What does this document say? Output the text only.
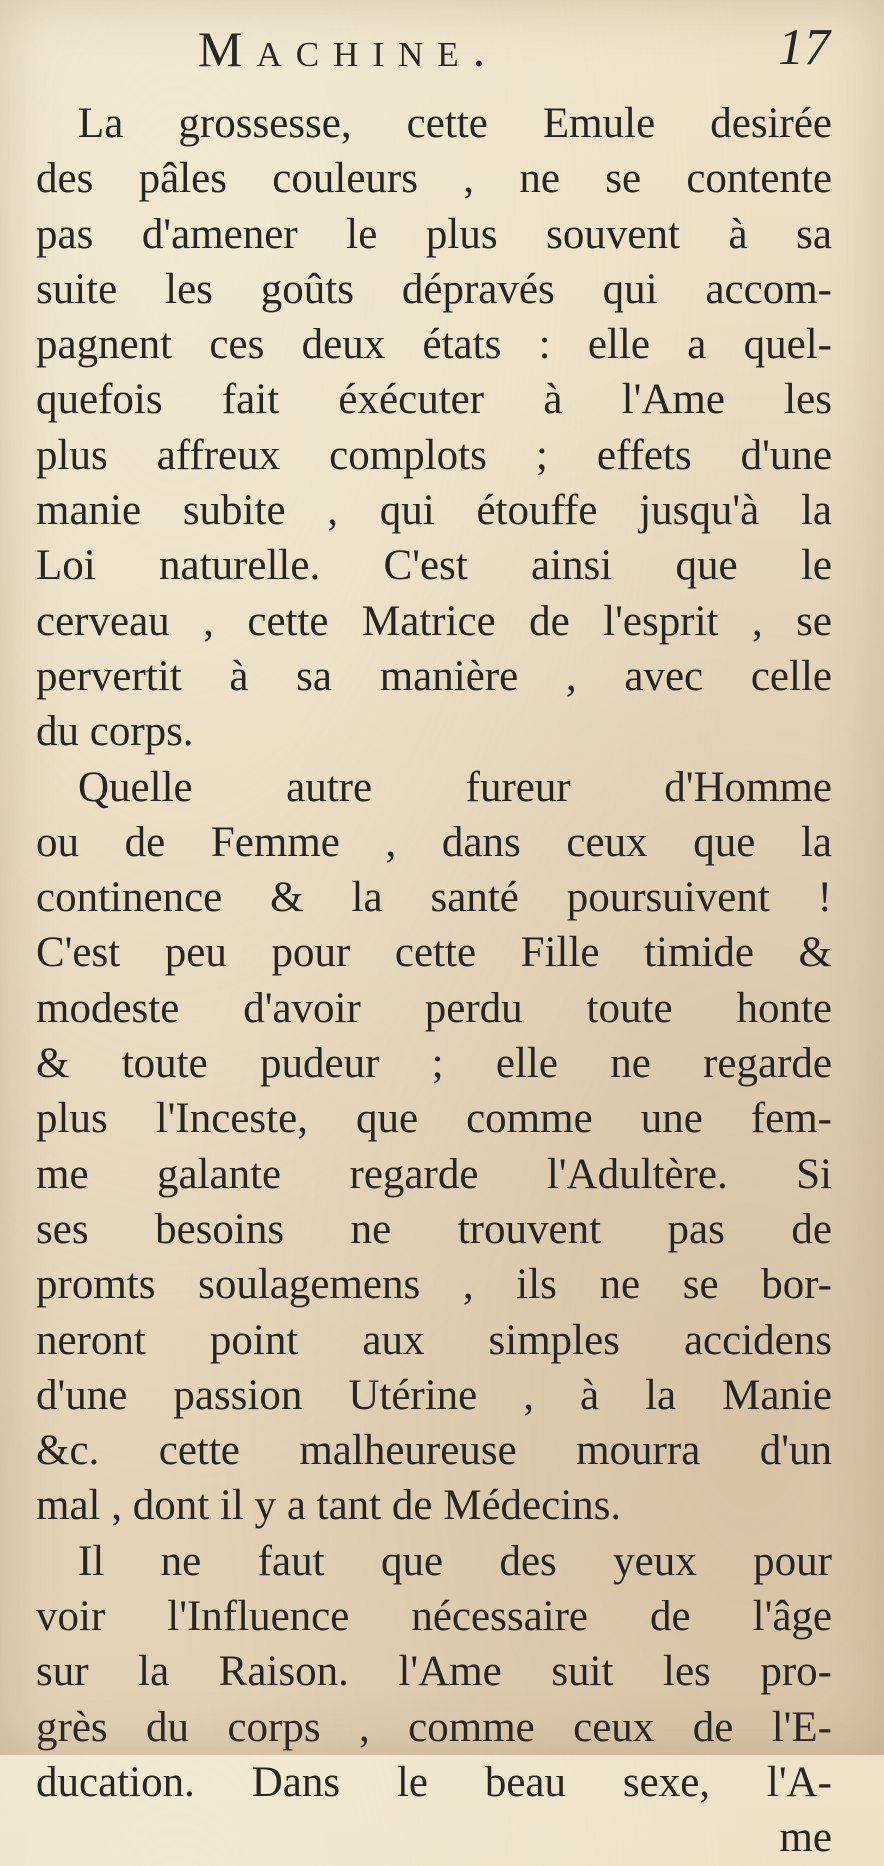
Machine.	17
La grossesse, cette Emule desirée
des pâles couleurs , ne se contente
pas d'amener le plus souvent à sa
suite les goûts dépravés qui accom-
pagnent ces deux états : elle a quel-
quefois fait éxécuter à l'Ame les
plus affreux complots ; effets d'une
manie subite , qui étouffe jusqu'à la
Loi naturelle. C'est ainsi que le
cerveau , cette Matrice de l'esprit , se
pervertit à sa manière , avec celle
du corps.
Quelle autre fureur d'Homme
ou de Femme , dans ceux que la
continence & la santé poursuivent !
C'est peu pour cette Fille timide &
modeste d'avoir perdu toute honte
& toute pudeur ; elle ne regarde
plus l'Inceste, que comme une fem-
me galante regarde l'Adultère. Si
ses besoins ne trouvent pas de
promts soulagemens , ils ne se bor-
neront point aux simples accidens
d'une passion Utérine , à la Manie
&c. cette malheureuse mourra d'un
mal , dont il y a tant de Médecins.
Il ne faut que des yeux pour
voir l'Influence nécessaire de l'âge
sur la Raison. l'Ame suit les pro-
grès du corps , comme ceux de l'E-
ducation. Dans le beau sexe, l'A-
me
